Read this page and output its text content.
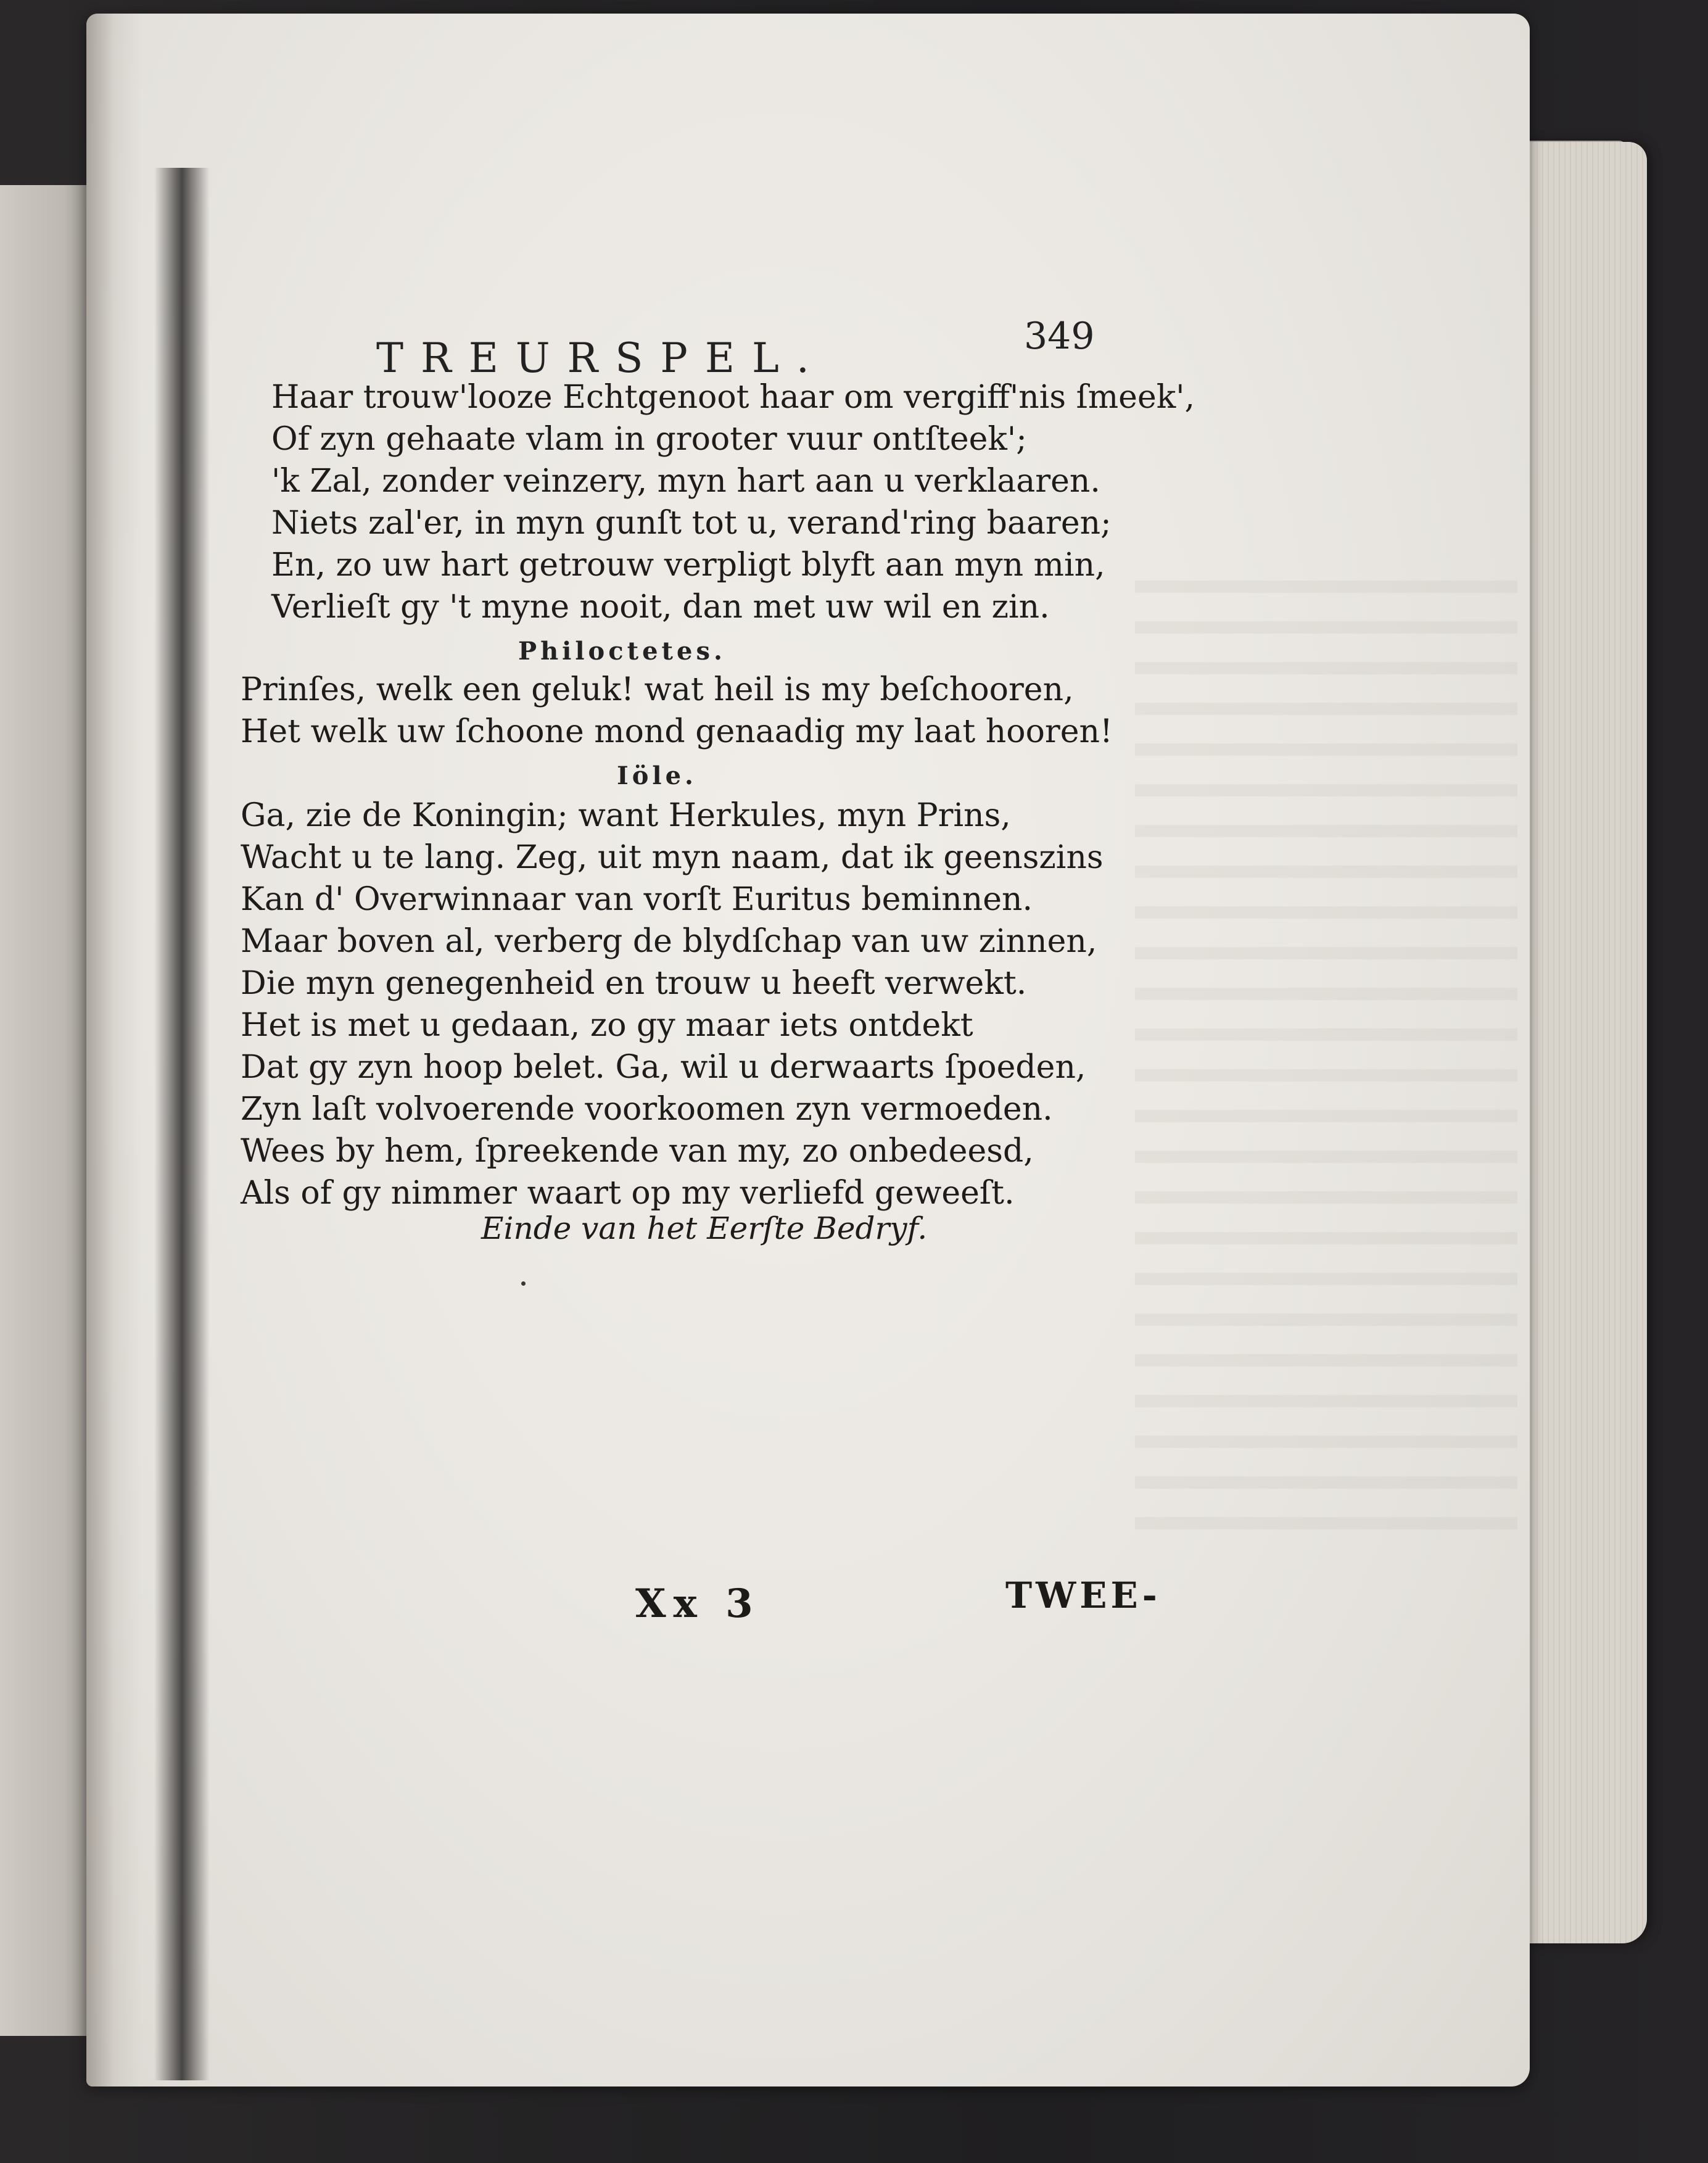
TREURSPEL.	349
Haar trouw'looze Echtgenoot haar om vergiff'nis ſmeek',
Of zyn gehaate vlam in grooter vuur ontſteek';
'k Zal, zonder veinzery, myn hart aan u verklaaren.
Niets zal'er, in myn gunſt tot u, verand'ring baaren;
En, zo uw hart getrouw verpligt blyft aan myn min,
Verlieſt gy 't myne nooit, dan met uw wil en zin.
Philoctetes.
Prinſes, welk een geluk! wat heil is my beſchooren,
Het welk uw ſchoone mond genaadig my laat hooren!
Iöle.
Ga, zie de Koningin; want Herkules, myn Prins,
Wacht u te lang. Zeg, uit myn naam, dat ik geenszins
Kan d' Overwinnaar van vorſt Euritus beminnen.
Maar boven al, verberg de blydſchap van uw zinnen,
Die myn genegenheid en trouw u heeft verwekt.
Het is met u gedaan, zo gy maar iets ontdekt
Dat gy zyn hoop belet. Ga, wil u derwaarts ſpoeden,
Zyn laſt volvoerende voorkoomen zyn vermoeden.
Wees by hem, ſpreekende van my, zo onbedeesd,
Als of gy nimmer waart op my verliefd geweeſt.
Einde van het Eerſte Bedryf.
Xx 3	TWEE-
